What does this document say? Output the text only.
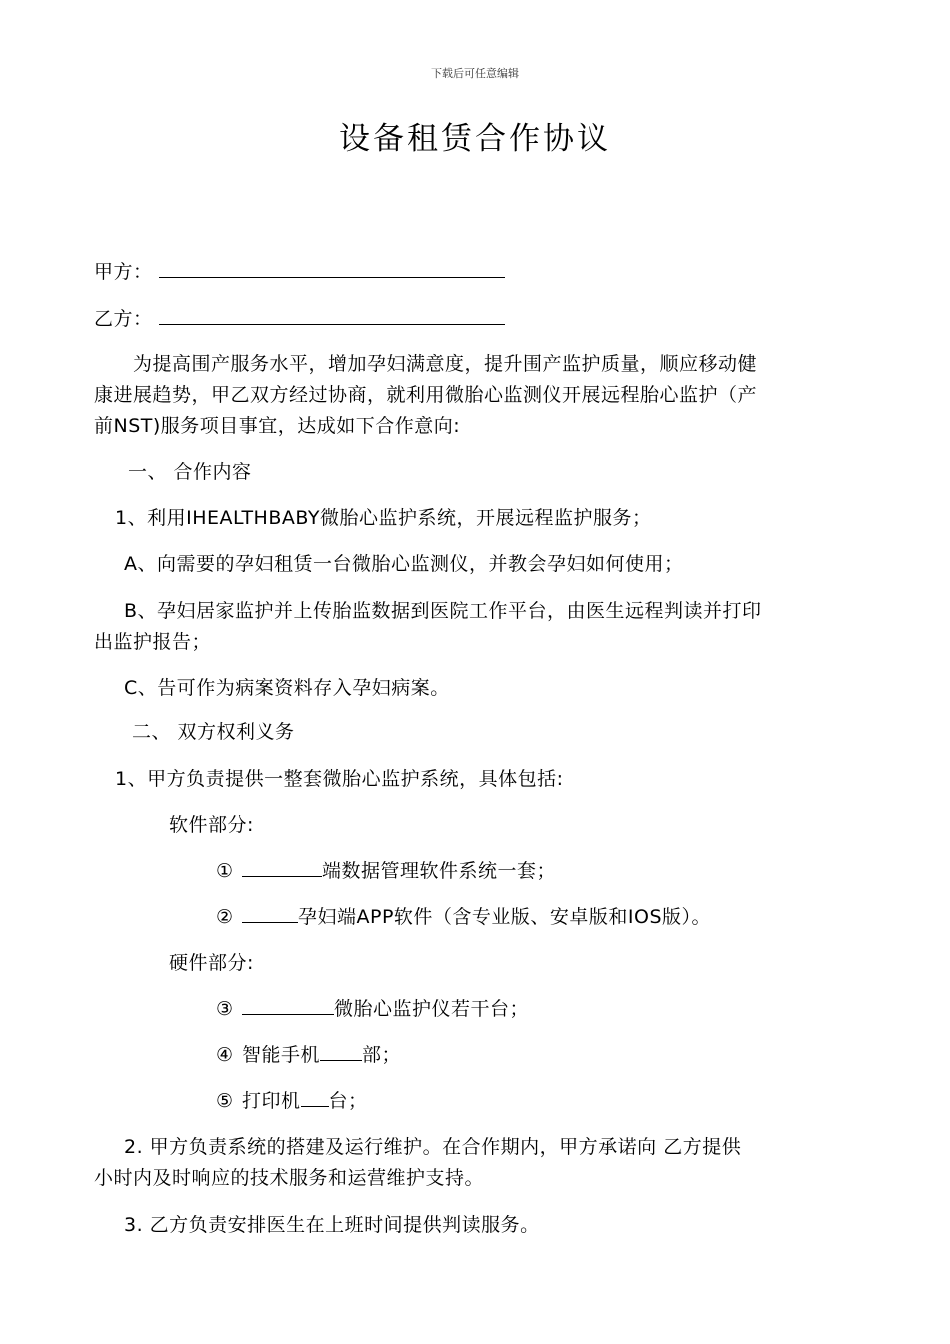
下载后可任意编辑
设备租赁合作协议
甲方：
乙方：
为提高围产服务水平，增加孕妇满意度，提升围产监护质量，顺应移动健
康进展趋势，甲乙双方经过协商，就利用微胎心监测仪开展远程胎心监护（产
前NST)服务项目事宜，达成如下合作意向:
一、 合作内容
1、利用IHEALTHBABY微胎心监护系统，开展远程监护服务；
A、向需要的孕妇租赁一台微胎心监测仪，并教会孕妇如何使用；
B、孕妇居家监护并上传胎监数据到医院工作平台，由医生远程判读并打印
出监护报告；
C、告可作为病案资料存入孕妇病案。
二、 双方权利义务
1、甲方负责提供一整套微胎心监护系统，具体包括:
软件部分:
①	端数据管理软件系统一套；
②	孕妇端APP软件（含专业版、安卓版和IOS版）。
硬件部分:
③	微胎心监护仪若干台；
④ 智能手机 部；
⑤ 打印机 台；
2. 甲方负责系统的搭建及运行维护。在合作期内，甲方承诺向 乙方提供
小时内及时响应的技术服务和运营维护支持。
3. 乙方负责安排医生在上班时间提供判读服务。
